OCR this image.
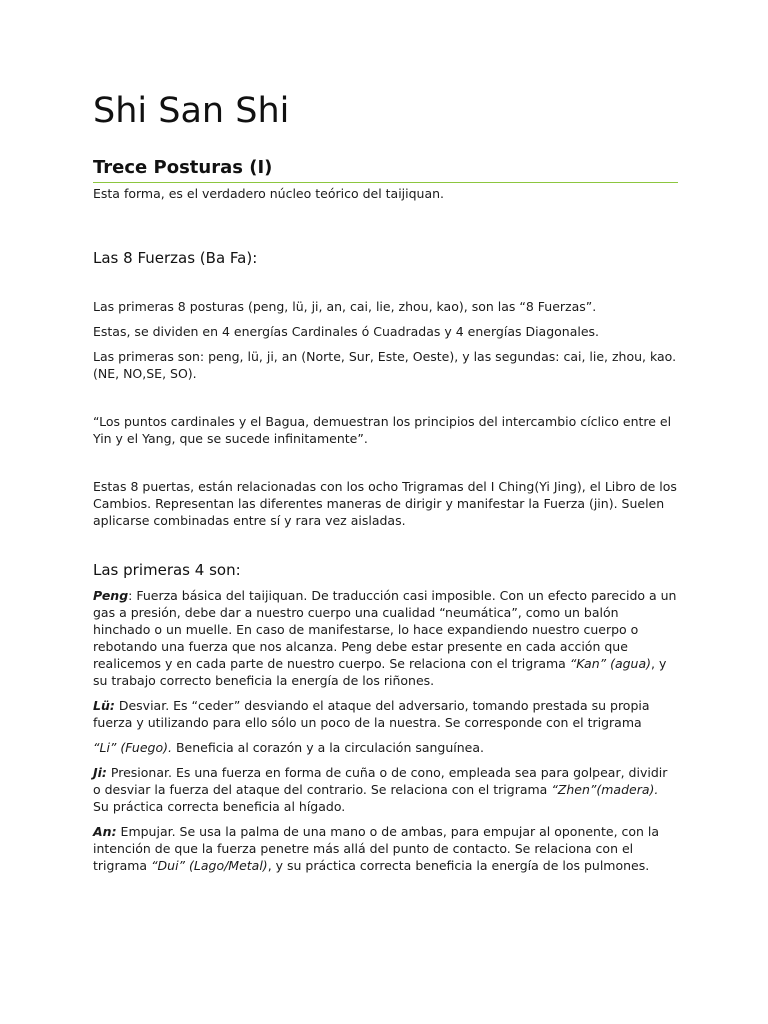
Shi San Shi
Trece Posturas (I)

Esta forma, es el verdadero núcleo teórico del taijiquan.

Las 8 Fuerzas (Ba Fa):

Las primeras 8 posturas (peng, lü, ji, an, cai, lie, zhou, kao), son las “8 Fuerzas”.

Estas, se dividen en 4 energías Cardinales ó Cuadradas y 4 energías Diagonales.

Las primeras son: peng, lü, ji, an (Norte, Sur, Este, Oeste), y las segundas: cai, lie, zhou, kao. (NE, NO,SE, SO).

“Los puntos cardinales y el Bagua, demuestran los principios del intercambio cíclico entre el Yin y el Yang, que se sucede infinitamente”.

Estas 8 puertas, están relacionadas con los ocho Trigramas del I Ching(Yi Jing), el Libro de los Cambios. Representan las diferentes maneras de dirigir y manifestar la Fuerza (jin). Suelen aplicarse combinadas entre sí y rara vez aisladas.

Las primeras 4 son:

Peng: Fuerza básica del taijiquan. De traducción casi imposible. Con un efecto parecido a un gas a presión, debe dar a nuestro cuerpo una cualidad “neumática”, como un balón hinchado o un muelle. En caso de manifestarse, lo hace expandiendo nuestro cuerpo o rebotando una fuerza que nos alcanza. Peng debe estar presente en cada acción que realicemos y en cada parte de nuestro cuerpo. Se relaciona con el trigrama “Kan” (agua), y su trabajo correcto beneficia la energía de los riñones.

Lü: Desviar. Es “ceder” desviando el ataque del adversario, tomando prestada su propia fuerza y utilizando para ello sólo un poco de la nuestra. Se corresponde con el trigrama

“Li” (Fuego). Beneficia al corazón y a la circulación sanguínea.

Ji: Presionar. Es una fuerza en forma de cuña o de cono, empleada sea para golpear, dividir o desviar la fuerza del ataque del contrario. Se relaciona con el trigrama “Zhen”(madera). Su práctica correcta beneficia al hígado.

An: Empujar. Se usa la palma de una mano o de ambas, para empujar al oponente, con la intención de que la fuerza penetre más allá del punto de contacto. Se relaciona con el trigrama “Dui” (Lago/Metal), y su práctica correcta beneficia la energía de los pulmones.
